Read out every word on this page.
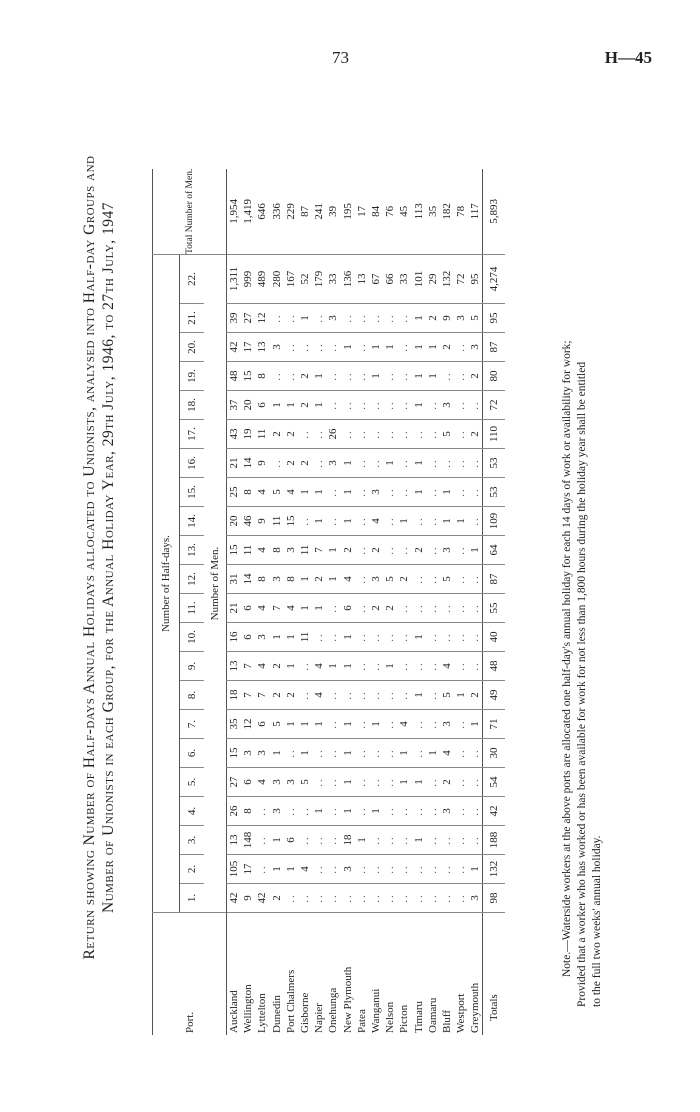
73	H—45
Return showing Number of Half-days Annual Holidays allocated to Unionists, analysed into Half-day Groups and Number of Unionists in each Group, for the Annual Holiday Year, 29th July, 1946, to 27th July, 1947
Port.	Number of Half-days.																						Total Number of Men.
	1.	2.	3.	4.	5.	6.	7.	8.	9.	10.	11.	12.	13.	14.	15.	16.	17.	18.	19.	20.	21.	22.	
	Number of Men.																						
Auckland	42	105	13	26	27	15	35	18	13	16	21	31	15	20	25	21	43	37	48	42	39	1,311	1,954
Wellington	9	17	148	8	6	3	12	7	7	6	6	14	11	46	8	14	19	20	15	17	27	999	1,419
Lyttelton	42	..	..	..	4	3	6	7	4	3	4	8	4	9	4	9	11	6	8	13	12	489	646
Dunedin	2	1	1	3	3	1	5	2	2	1	7	3	8	11	5	..	2	1	..	3	..	280	336
Port Chalmers	..	1	6	..	3	..	1	2	1	1	4	8	3	15	4	2	2	1	..	..	..	167	229
Gisborne	..	4	..	..	5	1	1	..	..	11	1	1	11	..	1	2	..	2	2	..	1	52	87
Napier	..	..	..	1	..	..	1	4	4	..	1	2	7	1	1	..	..	1	1	..	..	179	241
Onehunga	..	..	..	..	..	..	..	..	1	..	..	1	1	..	..	3	26	..	..	..	3	33	39
New Plymouth	..	3	18	1	1	1	1	..	1	1	6	4	2	1	1	1	..	..	..	1	..	136	195
Patea	..	..	1	..	..	..	..	..	..	..	..	..	..	..	..	..	..	..	..	..	..	13	17
Wanganui	..	..	..	1	..	..	1	..	..	..	2	3	2	4	3	..	..	..	1	1	..	67	84
Nelson	..	..	..	..	..	..	..	..	1	..	2	5	..	..	..	1	..	..	..	1	..	66	76
Picton	..	..	..	..	1	1	4	..	..	..	..	2	..	1	..	..	..	..	..	..	..	33	45
Timaru	..	..	1	..	1	..	..	1	..	1	..	..	2	..	1	1	..	1	1	1	1	101	113
Oamaru	..	..	..	..	..	1	..	..	..	..	..	..	..	..	..	..	..	..	1	1	2	29	35
Bluff	..	..	..	3	2	4	3	5	4	..	..	5	3	1	1	..	5	3	..	2	9	132	182
Westport	..	..	..	..	..	..	..	1	..	..	..	..	..	1	..	..	..	..	..	..	3	72	78
Greymouth	3	1	..	..	..	..	1	2	..	..	..	..	1	..	..	..	2	..	2	3	5	95	117
Totals	98	132	188	42	54	30	71	49	48	40	55	87	64	109	53	53	110	72	80	87	95	4,274	5,893
Note.—Waterside workers at the above ports are allocated one half-day's annual holiday for each 14 days of work or availability for work; Provided that a worker who has worked or has been available for work for not less than 1,800 hours during the holiday year shall be entitled to the full two weeks' annual holiday.
